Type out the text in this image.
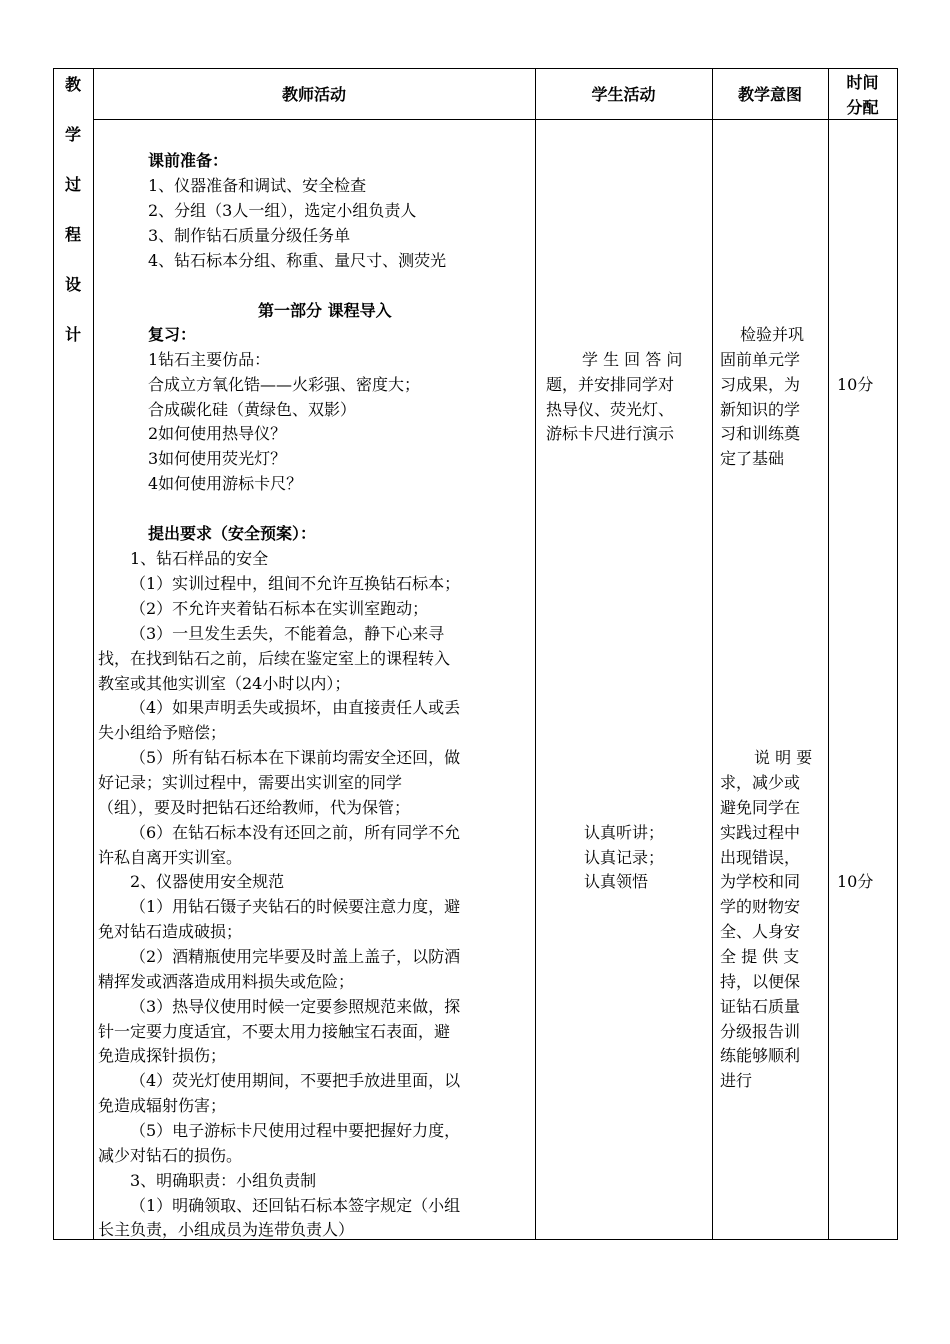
教
教师活动	学生活动	教学意图
时间
分配
学
过
程
设
计
课前准备：
1、仪器准备和调试、安全检查
2、分组（3人一组），选定小组负责人
3、制作钻石质量分级任务单
4、钻石标本分组、称重、量尺寸、测荧光
第一部分 课程导入
复习：
1钻石主要仿品：
合成立方氧化锆——火彩强、密度大；
合成碳化硅（黄绿色、双影）
2如何使用热导仪？
3如何使用荧光灯？
4如何使用游标卡尺？
提出要求（安全预案）：
1、钻石样品的安全
（1）实训过程中，组间不允许互换钻石标本；
（2）不允许夹着钻石标本在实训室跑动；
（3）一旦发生丢失，不能着急，静下心来寻
找，在找到钻石之前，后续在鉴定室上的课程转入
教室或其他实训室（24小时以内）；
（4）如果声明丢失或损坏，由直接责任人或丢
失小组给予赔偿；
（5）所有钻石标本在下课前均需安全还回，做
好记录；实训过程中，需要出实训室的同学
（组），要及时把钻石还给教师，代为保管；
（6）在钻石标本没有还回之前，所有同学不允
许私自离开实训室。
2、仪器使用安全规范
（1）用钻石镊子夹钻石的时候要注意力度，避
免对钻石造成破损；
（2）酒精瓶使用完毕要及时盖上盖子，以防酒
精挥发或洒落造成用料损失或危险；
（3）热导仪使用时候一定要参照规范来做，探
针一定要力度适宜，不要太用力接触宝石表面，避
免造成探针损伤；
（4）荧光灯使用期间，不要把手放进里面，以
免造成辐射伤害；
（5）电子游标卡尺使用过程中要把握好力度，
减少对钻石的损伤。
3、明确职责：小组负责制
（1）明确领取、还回钻石标本签字规定（小组
长主负责，小组成员为连带负责人）
学 生 回 答 问
题，并安排同学对
热导仪、荧光灯、
游标卡尺进行演示
认真听讲；
认真记录；
认真领悟
检验并巩
固前单元学
习成果，为
新知识的学
习和训练奠
定了基础
说 明 要
求，减少或
避免同学在
实践过程中
出现错误，
为学校和同
学的财物安
全、人身安
全 提 供 支
持，以便保
证钻石质量
分级报告训
练能够顺利
进行
10分
10分
